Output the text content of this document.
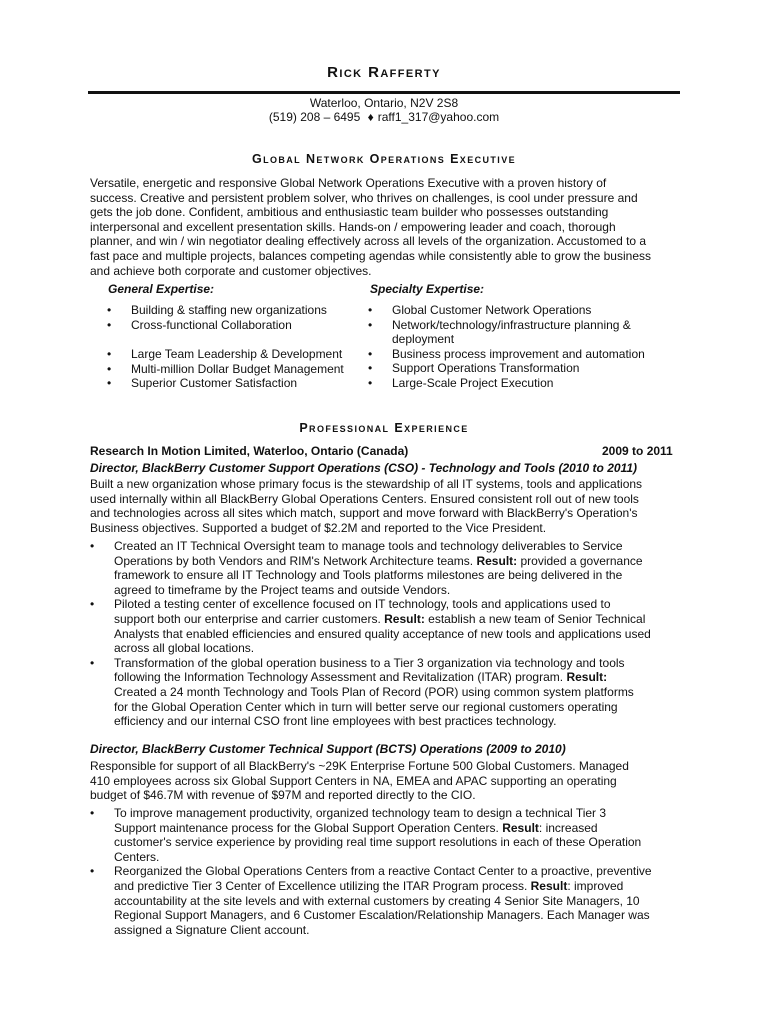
Rick Rafferty
Waterloo, Ontario, N2V 2S8
(519) 208 – 6495 ♦ raff1_317@yahoo.com
Global Network Operations Executive
Versatile, energetic and responsive Global Network Operations Executive with a proven history of
success. Creative and persistent problem solver, who thrives on challenges, is cool under pressure and
gets the job done. Confident, ambitious and enthusiastic team builder who possesses outstanding
interpersonal and excellent presentation skills. Hands-on / empowering leader and coach, thorough
planner, and win / win negotiator dealing effectively across all levels of the organization. Accustomed to a
fast pace and multiple projects, balances competing agendas while consistently able to grow the business
and achieve both corporate and customer objectives.
General Expertise:	Specialty Expertise:
• Building & staffing new organizations
• Cross-functional Collaboration
• Large Team Leadership & Development
• Multi-million Dollar Budget Management
• Superior Customer Satisfaction
• Global Customer Network Operations
• Network/technology/infrastructure planning &
deployment
• Business process improvement and automation
• Support Operations Transformation
• Large-Scale Project Execution
Professional Experience
Research In Motion Limited, Waterloo, Ontario (Canada)	2009 to 2011
Director, BlackBerry Customer Support Operations (CSO) - Technology and Tools (2010 to 2011)
Built a new organization whose primary focus is the stewardship of all IT systems, tools and applications
used internally within all BlackBerry Global Operations Centers. Ensured consistent roll out of new tools
and technologies across all sites which match, support and move forward with BlackBerry's Operation's
Business objectives. Supported a budget of $2.2M and reported to the Vice President.
• Created an IT Technical Oversight team to manage tools and technology deliverables to Service
Operations by both Vendors and RIM's Network Architecture teams. Result: provided a governance
framework to ensure all IT Technology and Tools platforms milestones are being delivered in the
agreed to timeframe by the Project teams and outside Vendors.
• Piloted a testing center of excellence focused on IT technology, tools and applications used to
support both our enterprise and carrier customers. Result: establish a new team of Senior Technical
Analysts that enabled efficiencies and ensured quality acceptance of new tools and applications used
across all global locations.
• Transformation of the global operation business to a Tier 3 organization via technology and tools
following the Information Technology Assessment and Revitalization (ITAR) program. Result:
Created a 24 month Technology and Tools Plan of Record (POR) using common system platforms
for the Global Operation Center which in turn will better serve our regional customers operating
efficiency and our internal CSO front line employees with best practices technology.
Director, BlackBerry Customer Technical Support (BCTS) Operations (2009 to 2010)
Responsible for support of all BlackBerry's ~29K Enterprise Fortune 500 Global Customers. Managed
410 employees across six Global Support Centers in NA, EMEA and APAC supporting an operating
budget of $46.7M with revenue of $97M and reported directly to the CIO.
• To improve management productivity, organized technology team to design a technical Tier 3
Support maintenance process for the Global Support Operation Centers. Result: increased
customer's service experience by providing real time support resolutions in each of these Operation
Centers.
• Reorganized the Global Operations Centers from a reactive Contact Center to a proactive, preventive
and predictive Tier 3 Center of Excellence utilizing the ITAR Program process. Result: improved
accountability at the site levels and with external customers by creating 4 Senior Site Managers, 10
Regional Support Managers, and 6 Customer Escalation/Relationship Managers. Each Manager was
assigned a Signature Client account.
